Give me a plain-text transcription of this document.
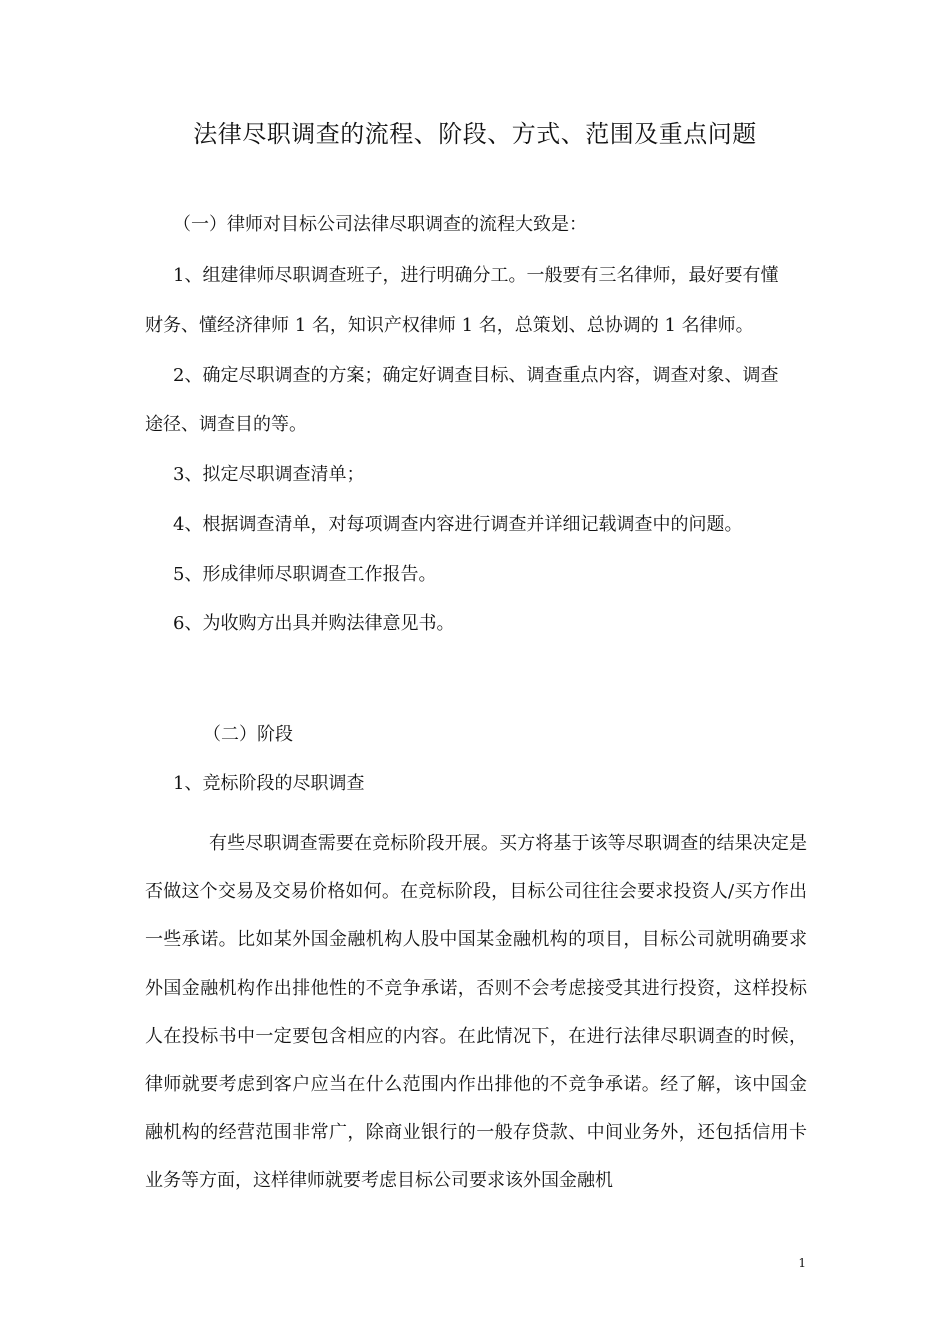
法律尽职调查的流程、阶段、方式、范围及重点问题
（一）律师对目标公司法律尽职调查的流程大致是：
1、组建律师尽职调查班子，进行明确分工。一般要有三名律师，最好要有懂
财务、懂经济律师 1 名，知识产权律师 1 名，总策划、总协调的 1 名律师。
2、确定尽职调查的方案；确定好调查目标、调查重点内容，调查对象、调查
途径、调查目的等。
3、拟定尽职调查清单；
4、根据调查清单，对每项调查内容进行调查并详细记载调查中的问题。
5、形成律师尽职调查工作报告。
6、为收购方出具并购法律意见书。
（二）阶段
1、竞标阶段的尽职调查
有些尽职调查需要在竞标阶段开展。买方将基于该等尽职调查的结果决定是否做这个交易及交易价格如何。在竞标阶段，目标公司往往会要求投资人/买方作出一些承诺。比如某外国金融机构人股中国某金融机构的项目，目标公司就明确要求外国金融机构作出排他性的不竞争承诺，否则不会考虑接受其进行投资，这样投标人在投标书中一定要包含相应的内容。在此情况下，在进行法律尽职调查的时候，律师就要考虑到客户应当在什么范围内作出排他的不竞争承诺。经了解，该中国金融机构的经营范围非常广，除商业银行的一般存贷款、中间业务外，还包括信用卡业务等方面，这样律师就要考虑目标公司要求该外国金融机
1
